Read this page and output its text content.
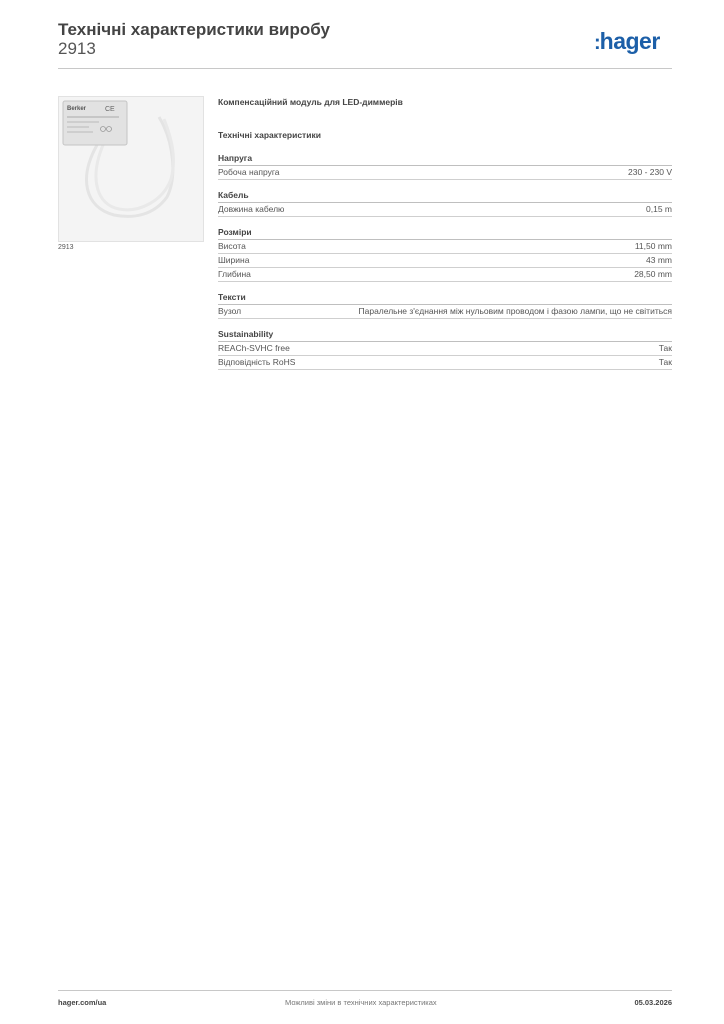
Технічні характеристики виробу
2913	:hager
Berker	CE
2913
Компенсаційний модуль для LED-диммерів
Технічні характеристики
Напруга
Робоча напруга	230 - 230 V
Кабель
Довжина кабелю	0,15 m
Розміри
Висота	11,50 mm
Ширина	43 mm
Глибина	28,50 mm
Тексти
Вузол	Паралельне з'єднання між нульовим проводом і фазою лампи, що не світиться
Sustainability
REACh-SVHC free	Так
Відповідність RoHS	Так
hager.com/ua	Можливі зміни в технічних характеристиках	05.03.2026
